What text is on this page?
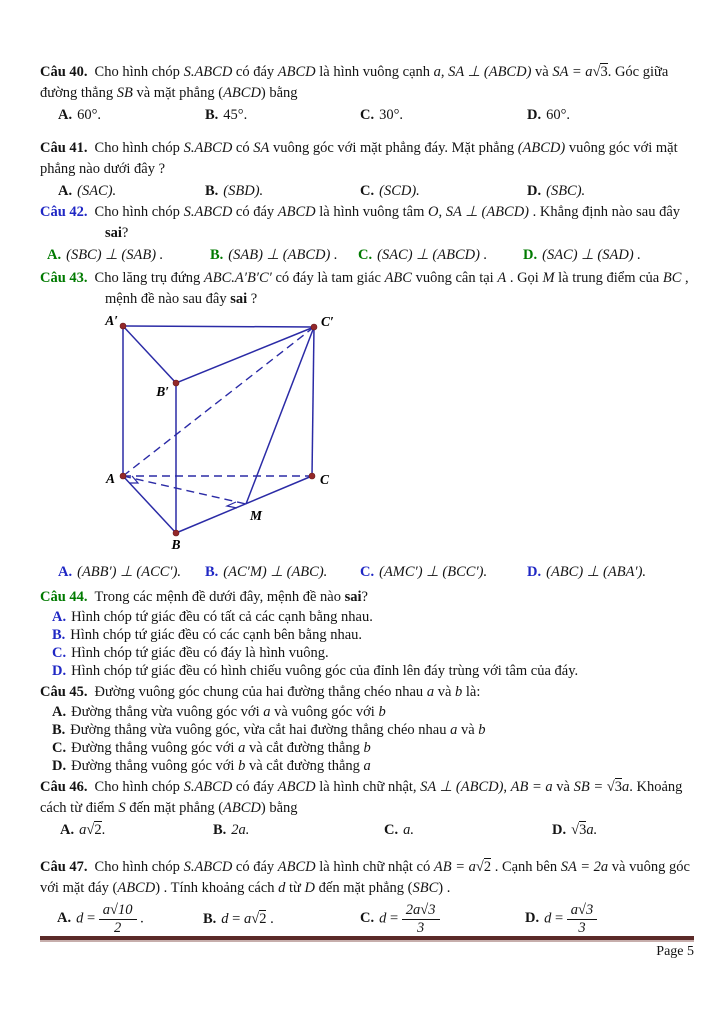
Câu 40. Cho hình chóp S.ABCD có đáy ABCD là hình vuông cạnh a, SA ⊥ (ABCD) và SA = a√3. Góc giữa đường thẳng SB và mặt phẳng (ABCD) bằng
A. 60°.	B. 45°.	C. 30°.	D. 60°.
Câu 41. Cho hình chóp S.ABCD có SA vuông góc với mặt phẳng đáy. Mặt phẳng (ABCD) vuông góc với mặt phẳng nào dưới đây ?
A. (SAC).	B. (SBD).	C. (SCD).	D. (SBC).
Câu 42. Cho hình chóp S.ABCD có đáy ABCD là hình vuông tâm O, SA ⊥ (ABCD) . Khẳng định nào sau đây sai?
A. (SBC) ⊥ (SAB) .	B. (SAB) ⊥ (ABCD) .	C. (SAC) ⊥ (ABCD) .	D. (SAC) ⊥ (SAD) .
Câu 43. Cho lăng trụ đứng ABC.A′B′C′ có đáy là tam giác ABC vuông cân tại A . Gọi M là trung điểm của BC , mệnh đề nào sau đây sai ?
A′	C′
B′
A	C
B
M
A. (ABB′) ⊥ (ACC′).	B. (AC′M) ⊥ (ABC).	C. (AMC′) ⊥ (BCC′).	D. (ABC) ⊥ (ABA′).
Câu 44. Trong các mệnh đề dưới đây, mệnh đề nào sai?
A. Hình chóp tứ giác đều có tất cả các cạnh bằng nhau.
B. Hình chóp tứ giác đều có các cạnh bên bằng nhau.
C. Hình chóp tứ giác đều có đáy là hình vuông.
D. Hình chóp tứ giác đều có hình chiếu vuông góc của đỉnh lên đáy trùng với tâm của đáy.
Câu 45. Đường vuông góc chung của hai đường thẳng chéo nhau a và b là:
A. Đường thẳng vừa vuông góc với a và vuông góc với b
B. Đường thẳng vừa vuông góc, vừa cắt hai đường thẳng chéo nhau a và b
C. Đường thẳng vuông góc với a và cắt đường thẳng b
D. Đường thẳng vuông góc với b và cắt đường thẳng a
Câu 46. Cho hình chóp S.ABCD có đáy ABCD là hình chữ nhật, SA ⊥ (ABCD), AB = a và SB = √3a. Khoảng cách từ điểm S đến mặt phẳng (ABCD) bằng
A. a√2.	B. 2a.	C. a.	D. √3a.
Câu 47. Cho hình chóp S.ABCD có đáy ABCD là hình chữ nhật có AB = a√2 . Cạnh bên SA = 2a và vuông góc với mặt đáy (ABCD) . Tính khoảng cách d từ D đến mặt phẳng (SBC) .
A. $d = \frac{a√10}{2}$ .	B. d = a√2 .	C. $d = \frac{2a√3}{3}$	D. $d = \frac{a√3}{3}$
Page 5
